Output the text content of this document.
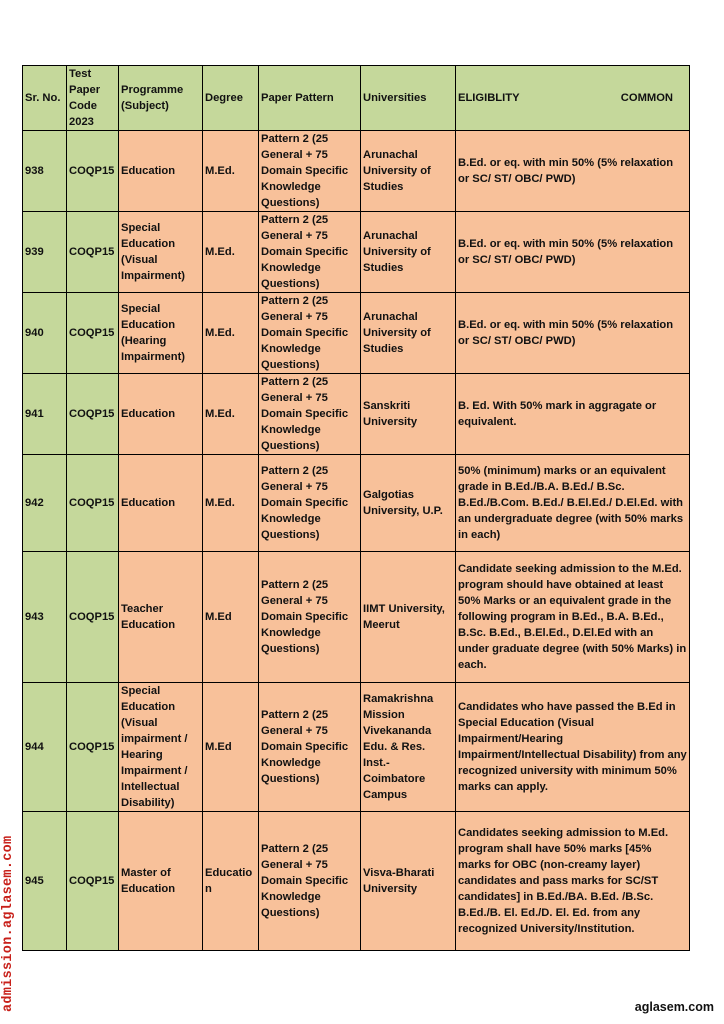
Sr. No.	Test Paper Code 2023	Programme (Subject)	Degree	Paper Pattern	Universities	ELIGIBLITY COMMON

938	COQP15	Education	M.Ed.	Pattern 2 (25 General + 75 Domain Specific Knowledge Questions)	Arunachal University of Studies	B.Ed. or eq. with min 50% (5% relaxation or SC/ ST/ OBC/ PWD)
939	COQP15	Special Education (Visual Impairment)	M.Ed.	Pattern 2 (25 General + 75 Domain Specific Knowledge Questions)	Arunachal University of Studies	B.Ed. or eq. with min 50% (5% relaxation or SC/ ST/ OBC/ PWD)
940	COQP15	Special Education (Hearing Impairment)	M.Ed.	Pattern 2 (25 General + 75 Domain Specific Knowledge Questions)	Arunachal University of Studies	B.Ed. or eq. with min 50% (5% relaxation or SC/ ST/ OBC/ PWD)
941	COQP15	Education	M.Ed.	Pattern 2 (25 General + 75 Domain Specific Knowledge Questions)	Sanskriti University	B. Ed. With 50% mark in aggragate or equivalent.
942	COQP15	Education	M.Ed.	Pattern 2 (25 General + 75 Domain Specific Knowledge Questions)	Galgotias University, U.P.	50% (minimum) marks or an equivalent grade in B.Ed./B.A. B.Ed./ B.Sc. B.Ed./B.Com. B.Ed./ B.El.Ed./ D.El.Ed. with an undergraduate degree (with 50% marks in each)
943	COQP15	Teacher Education	M.Ed	Pattern 2 (25 General + 75 Domain Specific Knowledge Questions)	IIMT University, Meerut	Candidate seeking admission to the M.Ed. program should have obtained at least 50% Marks or an equivalent grade in the following program in B.Ed., B.A. B.Ed., B.Sc. B.Ed., B.El.Ed., D.El.Ed with an under graduate degree (with 50% Marks) in each.
944	COQP15	Special Education (Visual impairment / Hearing Impairment / Intellectual Disability)	M.Ed	Pattern 2 (25 General + 75 Domain Specific Knowledge Questions)	Ramakrishna Mission Vivekananda Edu. & Res. Inst.- Coimbatore Campus	Candidates who have passed the B.Ed in Special Education (Visual Impairment/Hearing Impairment/Intellectual Disability) from any recognized university with minimum 50% marks can apply.
945	COQP15	Master of Education	Education	Pattern 2 (25 General + 75 Domain Specific Knowledge Questions)	Visva-Bharati University	Candidates seeking admission to M.Ed. program shall have 50% marks [45% marks for OBC (non-creamy layer) candidates and pass marks for SC/ST candidates] in B.Ed./BA. B.Ed. /B.Sc. B.Ed./B. El. Ed./D. El. Ed. from any recognized University/Institution.
admission.aglasem.com	aglasem.com
